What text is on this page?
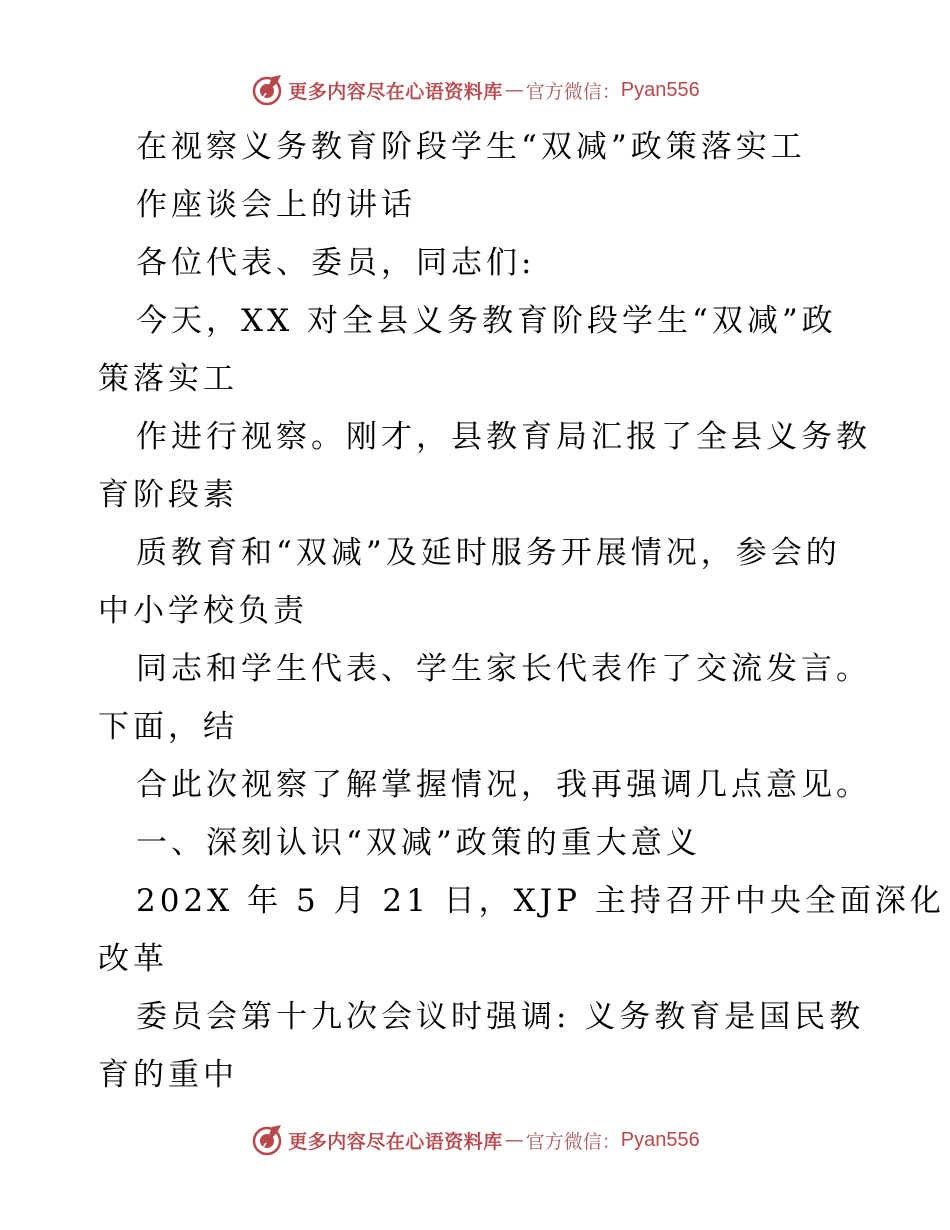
更多内容尽在心语资料库 — 官方微信： Pyan556
在视察义务教育阶段学生“双减”政策落实工
作座谈会上的讲话
各位代表、委员，同志们:
今天，XX 对全县义务教育阶段学生“双减”政
策落实工
作进行视察。刚才，县教育局汇报了全县义务教
育阶段素
质教育和“双减”及延时服务开展情况，参会的
中小学校负责
同志和学生代表、学生家长代表作了交流发言。
下面，结
合此次视察了解掌握情况，我再强调几点意见。
一、深刻认识“双减”政策的重大意义
202X 年 5 月 21 日，XJP 主持召开中央全面深化
改革
委员会第十九次会议时强调: 义务教育是国民教
育的重中
更多内容尽在心语资料库 — 官方微信： Pyan556
